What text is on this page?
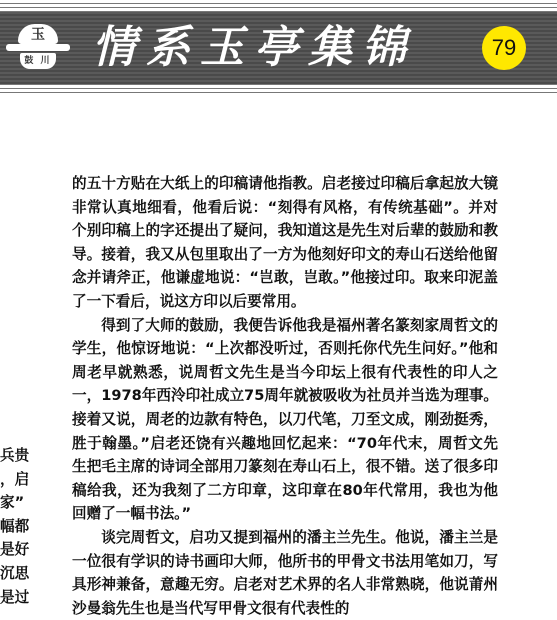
玉
鼓 川 情系玉亭集锦	79
兵贵
，启
家”
幅都
是好
沉思
是过

的五十方贴在大纸上的印稿请他指教。启老接过印稿后拿起放大镜非常认真地细看，他看后说：“刻得有风格，有传统基础”。并对个别印稿上的字还提出了疑问，我知道这是先生对后辈的鼓励和教导。接着，我又从包里取出了一方为他刻好印文的寿山石送给他留念并请斧正，他谦虚地说：“岂敢，岂敢。”他接过印。取来印泥盖了一下看后，说这方印以后要常用。

得到了大师的鼓励，我便告诉他我是福州著名篆刻家周哲文的学生，他惊讶地说：“上次都没听过，否则托你代先生问好。”他和周老早就熟悉，说周哲文先生是当今印坛上很有代表性的印人之一，1978年西泠印社成立75周年就被吸收为社员并当选为理事。接着又说，周老的边款有特色，以刀代笔，刀至文成，刚劲挺秀，胜于翰墨。”启老还饶有兴趣地回忆起来：“70年代末，周哲文先生把毛主席的诗词全部用刀篆刻在寿山石上，很不错。送了很多印稿给我，还为我刻了二方印章，这印章在80年代常用，我也为他回赠了一幅书法。”

谈完周哲文，启功又提到福州的潘主兰先生。他说，潘主兰是一位很有学识的诗书画印大师，他所书的甲骨文书法用笔如刀，写具形神兼备，意趣无穷。启老对艺术界的名人非常熟晓，他说莆州沙曼翁先生也是当代写甲骨文很有代表性的
